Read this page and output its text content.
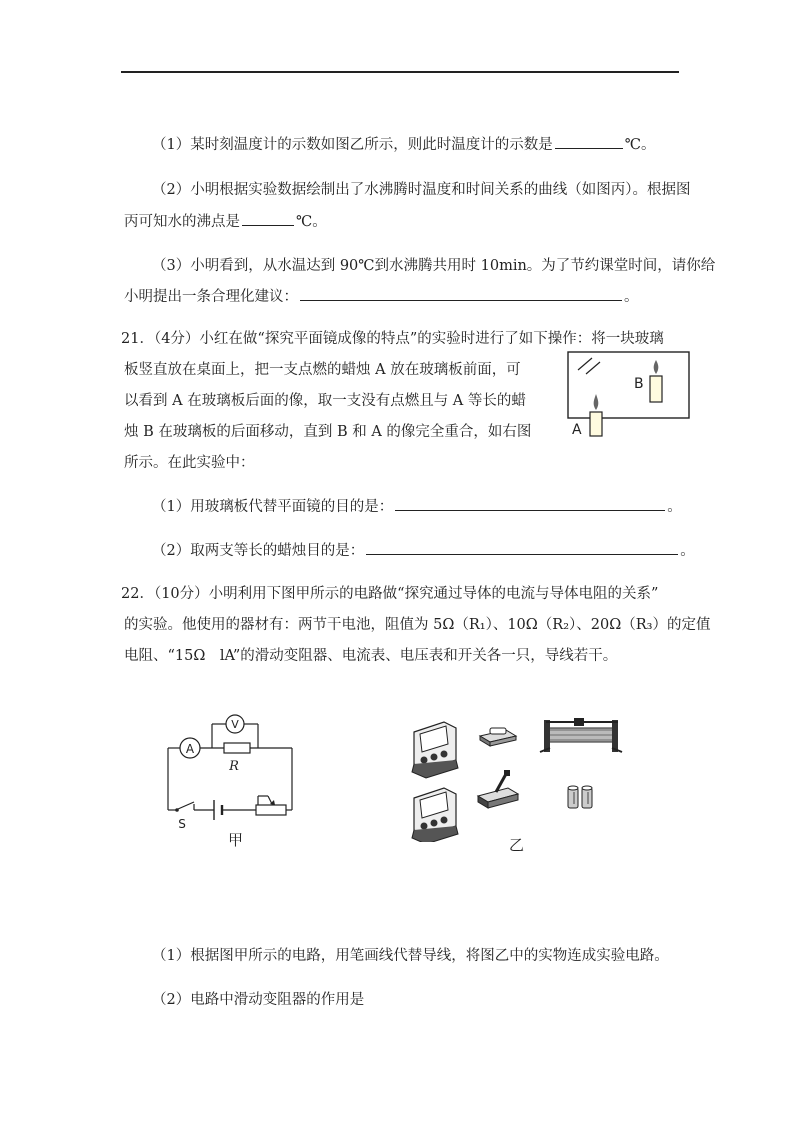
（1）某时刻温度计的示数如图乙所示，则此时温度计的示数是	℃。
（2）小明根据实验数据绘制出了水沸腾时温度和时间关系的曲线（如图丙）。根据图
丙可知水的沸点是	℃。
（3）小明看到，从水温达到 90℃到水沸腾共用时 10min。为了节约课堂时间，请你给
小明提出一条合理化建议：	。
21．（4分）小红在做“探究平面镜成像的特点”的实验时进行了如下操作：将一块玻璃
板竖直放在桌面上，把一支点燃的蜡烛 A 放在玻璃板前面，可
以看到 A 在玻璃板后面的像，取一支没有点燃且与 A 等长的蜡
烛 B 在玻璃板的后面移动，直到 B 和 A 的像完全重合，如右图
所示。在此实验中：
B
A
（1）用玻璃板代替平面镜的目的是：	。
（2）取两支等长的蜡烛目的是：	。
22．（10分）小明利用下图甲所示的电路做“探究通过导体的电流与导体电阻的关系”
的实验。他使用的器材有：两节干电池，阻值为 5Ω（R₁）、10Ω（R₂）、20Ω（R₃）的定值
电阻、“15Ω　lA”的滑动变阻器、电流表、电压表和开关各一只，导线若干。
A
V
R
S
甲	乙
（1）根据图甲所示的电路，用笔画线代替导线，将图乙中的实物连成实验电路。
（2）电路中滑动变阻器的作用是
